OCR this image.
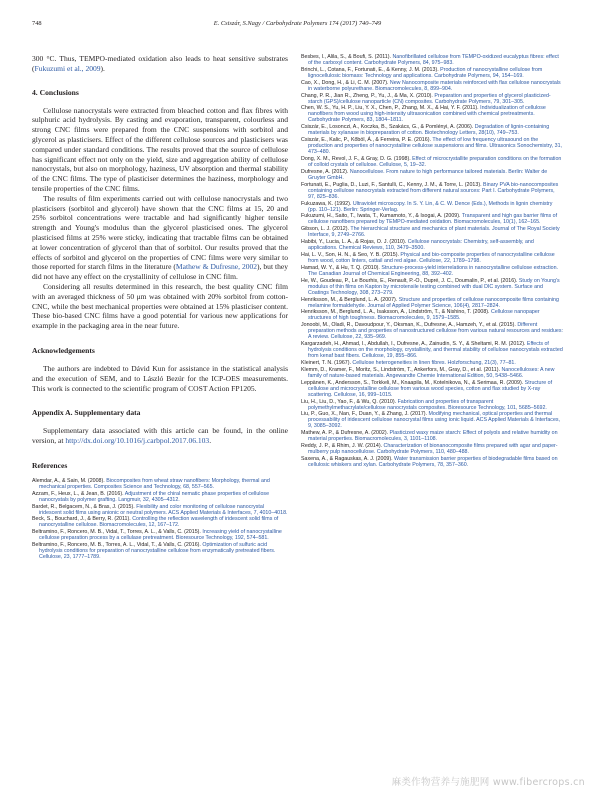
748	E. Csiszár, S.Nagy / Carbohydrate Polymers 174 (2017) 740–749

300 °C. Thus, TEMPO-mediated oxidation also leads to heat sensitive substrates (Fukuzumi et al., 2009).

4. Conclusions

Cellulose nanocrystals were extracted from bleached cotton and flax fibres with sulphuric acid hydrolysis. By casting and evaporation, transparent, colourless and strong CNC films were prepared from the CNC suspensions with sorbitol and glycerol as plasticisers. Effect of the different cellulose sources and plasticisers was compared under standard conditions. The results proved that the source of cellulose has significant effect not only on the yield, size and aggregation ability of cellulose nanocrystals, but also on morphology, haziness, UV absorption and thermal stability of the CNC films. The type of plasticiser determines the haziness, morphology and tensile properties of the CNC films.

The results of film experiments carried out with cellulose nanocrystals and two plasticisers (sorbitol and glycerol) have shown that the CNC films at 15, 20 and 25% sorbitol concentrations were tractable and had significantly higher tensile strength and Young's modulus than the glycerol plasticised ones. The glycerol plasticised films at 25% were sticky, indicating that tractable films can be obtained at lower concentration of glycerol than that of sorbitol. Our results proved that the effects of sorbitol and glycerol on the properties of CNC films were very similar to those reported for starch films in the literature (Mathew & Dufresne, 2002), but they did not have any effect on the crystallinity of cellulose in CNC film.

Considering all results determined in this research, the best quality CNC film with an averaged thickness of 50 μm was obtained with 20% sorbitol from cotton-CNC, while the best mechanical properties were obtained at 15% plasticiser content. These bio-based CNC films have a good potential for various new applications for example in the packaging area in the near future.

Acknowledgements

The authors are indebted to Dávid Kun for assistance in the statistical analysis and the execution of SEM, and to László Bezúr for the ICP-OES measurements. This work is connected to the scientific program of COST Action FP1205.

Appendix A. Supplementary data

Supplementary data associated with this article can be found, in the online version, at http://dx.doi.org/10.1016/j.carbpol.2017.06.103.

References
Alemdar, A., & Sain, M. (2008). Biocomposites from wheat straw nanofibers: Morphology, thermal and mechanical properties. Composites Science and Technology, 68, 557–565.
Azzam, F., Heux, L., & Jean, B. (2016). Adjustment of the chiral nematic phase properties of cellulose nanocrystals by polymer grafting. Langmuir, 32, 4305–4312.
Bardet, R., Belgacem, N., & Bras, J. (2015). Flexibility and color monitoring of cellulose nanocrystal iridescent solid films using anionic or neutral polymers. ACS Applied Materials & Interfaces, 7, 4010–4018.
Beck, S., Bouchard, J., & Berry, R. (2011). Controlling the reflection wavelength of iridescent solid films of nanocrystalline cellulose. Biomacromolecules, 12, 167–172.
Beltramino, F., Roncero, M. B., Vidal, T., Torres, A. L., & Valls, C. (2015). Increasing yield of nanocrystalline cellulose preparation process by a cellulase pretreatment. Bioresource Technology, 192, 574–581.
Beltramino, F., Roncero, M. B., Torres, A. L., Vidal, T., & Valls, C. (2016). Optimization of sulfuric acid hydrolysis conditions for preparation of nanocrystalline cellulose from enzymatically pretreated fibers. Cellulose, 23, 1777–1789.
Besbes, I., Alila, S., & Boufi, S. (2011). Nanofibrillated cellulose from TEMPO-oxidized eucalyptus fibres: effect of the carboxyl content. Carbohydrate Polymers, 84, 975–983.
Brinchi, L., Cotana, F., Fortunati, E., & Kenny, J. M. (2013). Production of nanocrystalline cellulose from lignocellulosic biomass: Technology and applications. Carbohydrate Polymers, 94, 154–169.
Cao, X., Dong, H., & Li, C. M. (2007). New Nanocomposite materials reinforced with flax cellulose nanocrystals in waterborne polyurethane. Biomacromolecules, 8, 899–904.
Chang, P. R., Jian R., Zheng, P., Yu, J., & Ma, X. (2010). Preparation and properties of glycerol plasticized-starch (GPS)/cellulose nanoparticle (CN) composites. Carbohydrate Polymers, 79, 301–305.
Chen, W. S., Yu, H. P., Liu, Y. X., Chen, P., Zhang, M. X., & Hai, Y. F. (2011). Individualization of cellulose nanofibers from wood using high-intensity ultrasonication combined with chemical pretreatments. Carbohydrate Polymers, 83, 1804–1811.
Csiszár, E., Losonczi, A., Koczka, B., Szakács, G., & Pomlényi, A. (2006). Degradation of lignin-containing materials by xylanase in biopreparation of cotton. Biotechnology Letters, 28(10), 749–753.
Csiszár, E., Kalic, P., Kőböl, Á., & Ferreira, P. E. (2016). The effect of low frequency ultrasound on the production and properties of nanocrystalline cellulose suspensions and films. Ultrasonics Sonochemistry, 31, 473–480.
Dong, X. M., Revol, J. F., & Gray, D. G. (1998). Effect of microcrystallite preparation conditions on the formation of colloid crystals of cellulose. Cellulose, 5, 19–32.
Dufresne, A. (2012). Nanocellulose. From nature to high performance tailored materials. Berlin: Walter de Gruyter GmbH.
Fortunati, E., Puglia, D., Luzi, F., Santulli, C., Kenny, J. M., & Torre, L. (2013). Binary PVA bio-nanocomposites containing cellulose nanocrystals extracted from different natural sources: Part I. Carbohydrate Polymers, 97, 825–836.
Fukuzawa, K. (1992). Ultraviolet microscopy. In S. Y. Lin, & C. W. Dence (Eds.), Methods in lignin chemistry (pp. 110–121). Berlin: Springer-Verlag.
Fukuzumi, H., Saito, T., Iwata, T., Kumamoto, Y., & Isogai, A. (2009). Transparent and high gas barrier films of cellulose nanofibers prepared by TEMPO-mediated oxidation. Biomacromolecules, 10(1), 162–165.
Gibson, L. J. (2012). The hierarchical structure and mechanics of plant materials. Journal of The Royal Society Interface, 9, 2749–2766.
Habibi, Y., Lucia, L. A., & Rojas, O. J. (2010). Cellulose nanocrystals: Chemistry, self-assembly, and applications. Chemical Reviews, 110, 3479–3500.
Hai, L. V., Son, H. N., & Seo, Y. B. (2015). Physical and bio-composite properties of nanocrystalline cellulose from wood, cotton linters, cattail and red algae. Cellulose, 22, 1789–1798.
Hamad, W. Y., & Hu, T. Q. (2010). Structure-process-yield interrelations in nanocrystalline cellulose extraction. The Canadian Journal of Chemical Engineering, 88, 392–402.
He, W., Goudeau, P., Le Bourhis, E., Renault, P.-O., Dupré, J. C., Doumalin, P., et al. (2016). Study on Young's modulus of thin films on Kapton by microtensile testing combined with dual DIC system. Surface and Coatings Technology, 308, 273–279.
Henriksson, M., & Berglund, L. A. (2007). Structure and properties of cellulose nanocomposite films containing melamine formaldehyde. Journal of Applied Polymer Science, 106(4), 2817–2824.
Henriksson, M., Berglund, L. A., Isaksson, A., Lindström, T., & Nishino, T. (2008). Cellulose nanopaper structures of high toughness. Biomacromolecules, 9, 1579–1585.
Jonoobi, M., Oladi, R., Davoudpour, Y., Oksman, K., Dufresne, A., Hamzeh, Y., et al. (2015). Different preparation methods and properties of nanostructured cellulose from various natural resources and residues: A review. Cellulose, 22, 935–969.
Kargarzadeh, H., Ahmad, I., Abdullah, I., Dufresne, A., Zainudin, S. Y., & Sheltami, R. M. (2012). Effects of hydrolysis conditions on the morphology, crystallinity, and thermal stability of cellulose nanocrystals extracted from kenaf bast fibers. Cellulose, 19, 855–866.
Kleinert, T. N. (1967). Cellulose heterogeneities in linen fibres. Holzforschung, 21(3), 77–81.
Klemm, D., Kramer, F., Moritz, S., Lindström, T., Ankerfors, M., Gray, D., et al. (2011). Nanocelluloses: A new family of nature-based materials. Angewandte Chemie International Edition, 50, 5438–5466.
Leppänen, K., Andersson, S., Torkkeli, M., Knaapila, M., Kotelnikova, N., & Serimaa, R. (2009). Structure of cellulose and microcrystalline cellulose from various wood species, cotton and flax studied by X-ray scattering. Cellulose, 16, 999–1015.
Liu, H., Liu, D., Yao, F., & Wu, Q. (2010). Fabrication and properties of transparent polymethylmethacrylate/cellulose nanocrystals composites. Bioresource Technology, 101, 5685–5692.
Liu, P., Guo, X., Nan, F., Duan, Y., & Zhang, J. (2017). Modifying mechanical, optical properties and thermal processability of iridescent cellulose nanocrystal films using ionic liquid. ACS Applied Materials & Interfaces, 9, 3085–3092.
Mathew, A. P., & Dufresne, A. (2002). Plasticized waxy maize starch: Effect of polyols and relative humidity on material properties. Biomacromolecules, 3, 1101–1108.
Reddy, J. P., & Rhim, J. W. (2014). Characterization of bionanocomposite films prepared with agar and paper-mulberry pulp nanocellulose. Carbohydrate Polymers, 110, 480–488.
Saxena, A., & Ragauskas, A. J. (2009). Water transmission barrier properties of biodegradable films based on cellulosic whiskers and xylan. Carbohydrate Polymers, 78, 357–360.
麻类作物营养与施肥网 www.fibercrops.cn
